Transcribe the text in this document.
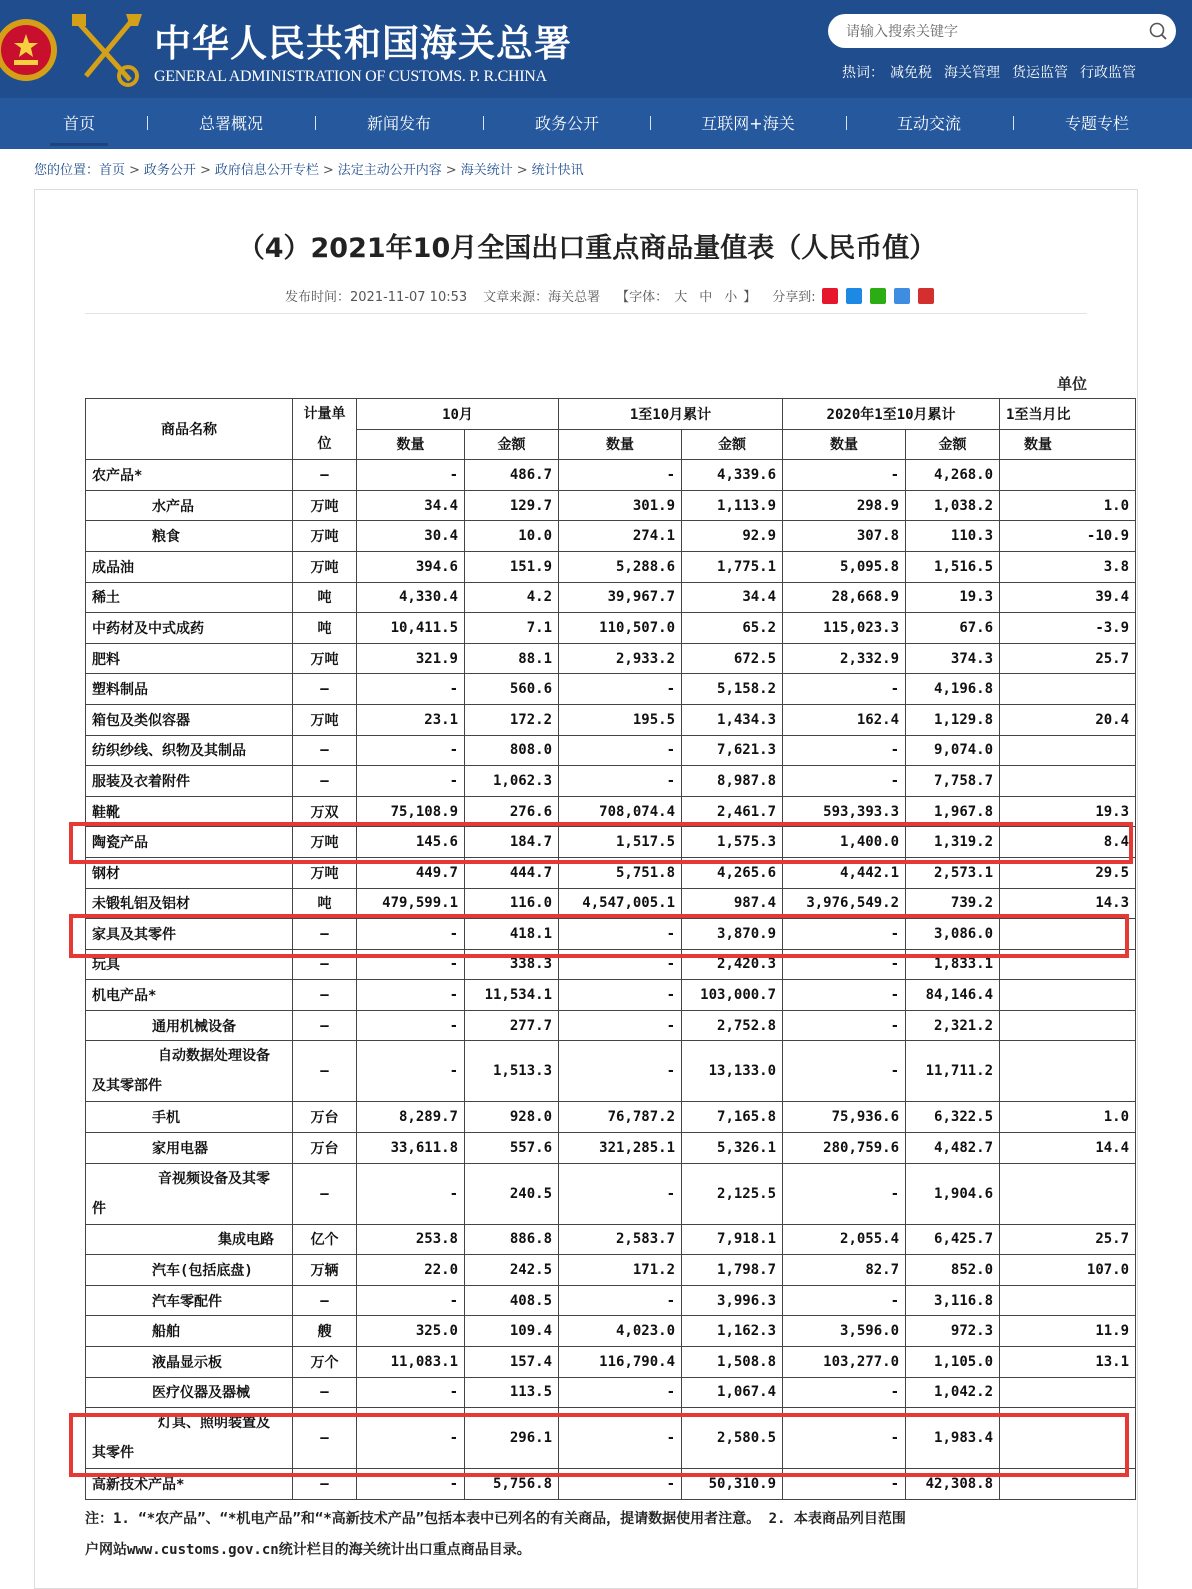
中华人民共和国海关总署
GENERAL ADMINISTRATION OF CUSTOMS. P. R.CHINA
请输入搜索关键字	热词： 减免税 海关管理 货运监管 行政监管
首页	总署概况	新闻发布	政务公开	互联网+海关	互动交流	专题专栏
您的位置：首页 > 政务公开 > 政府信息公开专栏 > 法定主动公开内容 > 海关统计 > 统计快讯
（4）2021年10月全国出口重点商品量值表（人民币值）
发布时间：2021-11-07 10:53 文章来源：海关总署 【字体： 大 中 小 】 分享到:
单位
商品名称	计量单位	10月		1至10月累计		2020年1至10月累计		1至当月比
		数量	金额	数量	金额	数量	金额	数量
农产品*	–	-	486.7	-	4,339.6	-	4,268.0	
水产品	万吨	34.4	129.7	301.9	1,113.9	298.9	1,038.2	1.0
粮食	万吨	30.4	10.0	274.1	92.9	307.8	110.3	-10.9
成品油	万吨	394.6	151.9	5,288.6	1,775.1	5,095.8	1,516.5	3.8
稀土	吨	4,330.4	4.2	39,967.7	34.4	28,668.9	19.3	39.4
中药材及中式成药	吨	10,411.5	7.1	110,507.0	65.2	115,023.3	67.6	-3.9
肥料	万吨	321.9	88.1	2,933.2	672.5	2,332.9	374.3	25.7
塑料制品	–	-	560.6	-	5,158.2	-	4,196.8	
箱包及类似容器	万吨	23.1	172.2	195.5	1,434.3	162.4	1,129.8	20.4
纺织纱线、织物及其制品	–	-	808.0	-	7,621.3	-	9,074.0	
服装及衣着附件	–	-	1,062.3	-	8,987.8	-	7,758.7	
鞋靴	万双	75,108.9	276.6	708,074.4	2,461.7	593,393.3	1,967.8	19.3
陶瓷产品	万吨	145.6	184.7	1,517.5	1,575.3	1,400.0	1,319.2	8.4
钢材	万吨	449.7	444.7	5,751.8	4,265.6	4,442.1	2,573.1	29.5
未锻轧铝及铝材	吨	479,599.1	116.0	4,547,005.1	987.4	3,976,549.2	739.2	14.3
家具及其零件	–	-	418.1	-	3,870.9	-	3,086.0	
玩具	–	-	338.3	-	2,420.3	-	1,833.1	
机电产品*	–	-	11,534.1	-	103,000.7	-	84,146.4	
通用机械设备	–	-	277.7	-	2,752.8	-	2,321.2	

自动数据处理设备
及其零部件	–	-	1,513.3	-	13,133.0	-	11,711.2	
手机	万台	8,289.7	928.0	76,787.2	7,165.8	75,936.6	6,322.5	1.0
家用电器	万台	33,611.8	557.6	321,285.1	5,326.1	280,759.6	4,482.7	14.4

音视频设备及其零
件	–	-	240.5	-	2,125.5	-	1,904.6	
集成电路	亿个	253.8	886.8	2,583.7	7,918.1	2,055.4	6,425.7	25.7
汽车(包括底盘)	万辆	22.0	242.5	171.2	1,798.7	82.7	852.0	107.0
汽车零配件	–	-	408.5	-	3,996.3	-	3,116.8	
船舶	艘	325.0	109.4	4,023.0	1,162.3	3,596.0	972.3	11.9
液晶显示板	万个	11,083.1	157.4	116,790.4	1,508.8	103,277.0	1,105.0	13.1
医疗仪器及器械	–	-	113.5	-	1,067.4	-	1,042.2	

灯具、照明装置及
其零件	–	-	296.1	-	2,580.5	-	1,983.4	
高新技术产品*	–	-	5,756.8	-	50,310.9	-	42,308.8	
注：1. “*农产品”、“*机电产品”和“*高新技术产品”包括本表中已列名的有关商品，提请数据使用者注意。 2. 本表商品列目范围
户网站www.customs.gov.cn统计栏目的海关统计出口重点商品目录。
